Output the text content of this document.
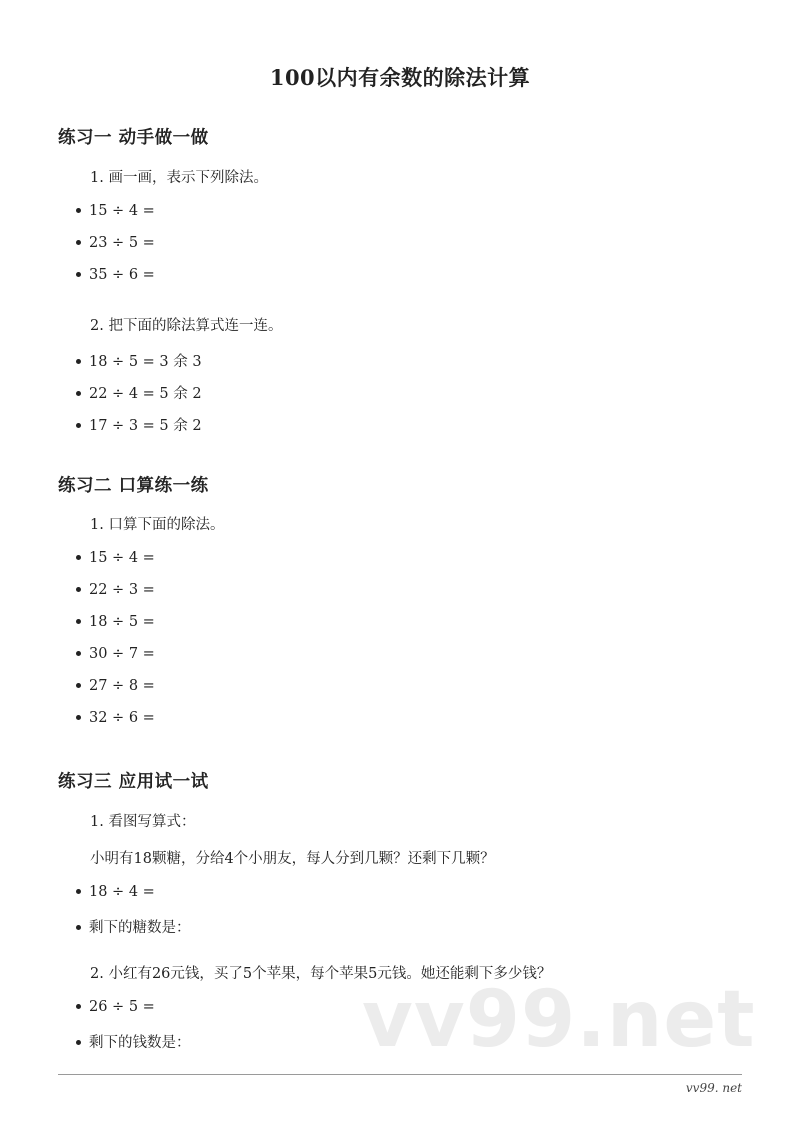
100以内有余数的除法计算
练习一 动手做一做

1. 画一画，表示下列除法。

15 ÷ 4 =

23 ÷ 5 =

35 ÷ 6 =

2. 把下面的除法算式连一连。

18 ÷ 5 = 3 余 3

22 ÷ 4 = 5 余 2

17 ÷ 3 = 5 余 2

练习二 口算练一练

1. 口算下面的除法。

15 ÷ 4 =

22 ÷ 3 =

18 ÷ 5 =

30 ÷ 7 =

27 ÷ 8 =

32 ÷ 6 =

练习三 应用试一试

1. 看图写算式：

小明有18颗糖，分给4个小朋友，每人分到几颗？还剩下几颗？

18 ÷ 4 =

剩下的糖数是：

2. 小红有26元钱，买了5个苹果，每个苹果5元钱。她还能剩下多少钱？

26 ÷ 5 =

剩下的钱数是： vv99.net

vv99. net
